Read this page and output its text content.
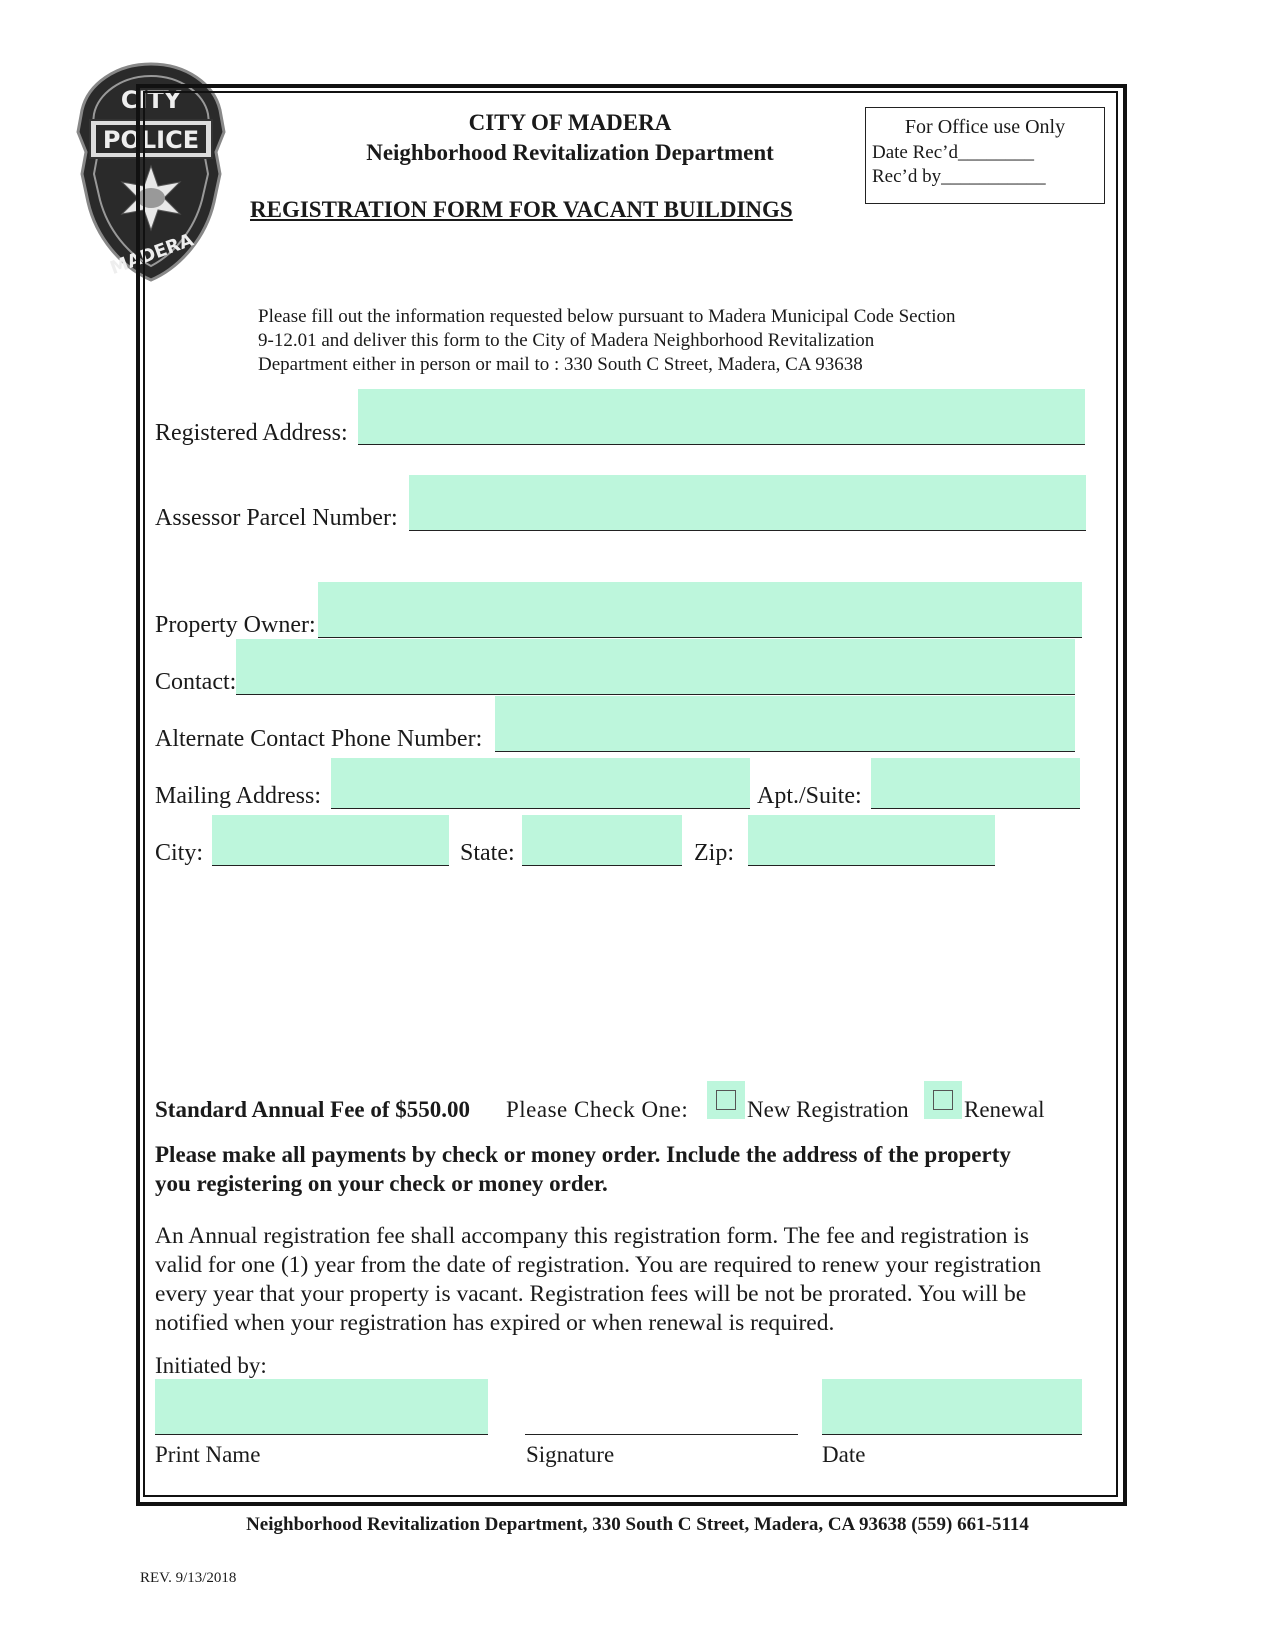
POLICE
CITY
MADERA
CITY OF MADERA
Neighborhood Revitalization Department
REGISTRATION FORM FOR VACANT BUILDINGS
For Office use Only
Date Rec’d________
Rec’d by___________
Please fill out the information requested below pursuant to Madera Municipal Code Section
9-12.01 and deliver this form to the City of Madera Neighborhood Revitalization
Department either in person or mail to : 330 South C Street, Madera, CA 93638
Registered Address:
Assessor Parcel Number:
Property Owner:
Contact:
Alternate Contact Phone Number:
Mailing Address:	Apt./Suite:
City:	State:	Zip:
Standard Annual Fee of $550.00 Please Check One:	New Registration Renewal
Please make all payments by check or money order. Include the address of the property
you registering on your check or money order.
An Annual registration fee shall accompany this registration form. The fee and registration is
valid for one (1) year from the date of registration. You are required to renew your registration
every year that your property is vacant. Registration fees will be not be prorated. You will be
notified when your registration has expired or when renewal is required.
Initiated by:
Print Name	Signature	Date
Neighborhood Revitalization Department, 330 South C Street, Madera, CA 93638 (559) 661-5114
REV. 9/13/2018
